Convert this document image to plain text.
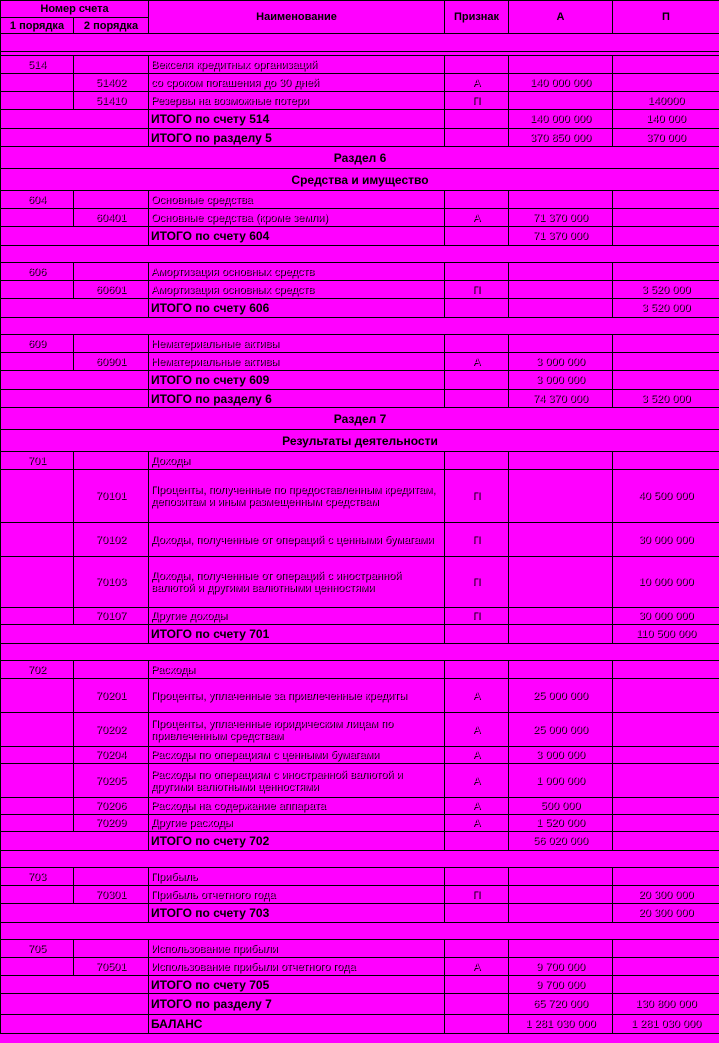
Номер счета		Наименование	Признак	А	П
1 порядка	2 порядка				

514		Векселя кредитных организаций			
	51402	со сроком погашения до 30 дней	А	140 000 000	
	51410	Резервы на возможные потери	П		140000
		ИТОГО по счету 514		140 000 000	140 000
		ИТОГО по разделу 5		370 850 000	370 000
Раздел 6					
Средства и имущество					
604		Основные средства			
	60401	Основные средства (кроме земли)	А	71 370 000	
		ИТОГО по счету 604		71 370 000	

606		Амортизация основных средств			
	60601	Амортизация основных средств	П		3 520 000
		ИТОГО по счету 606			3 520 000

609		Нематериальные активы			
	60901	Нематериальные активы	А	3 000 000	
		ИТОГО по счету 609		3 000 000	
		ИТОГО по разделу 6		74 370 000	3 520 000
Раздел 7					
Результаты деятельности					
701		Доходы			
	70101	Проценты, полученные по предоставленным кредитам, депозитам и иным размещенным средствам	П		40 500 000
	70102	Доходы, полученные от операций с ценными бумагами	П		30 000 000
	70103	Доходы, полученные от операций с иностранной валютой и другими валютными ценностями	П		10 000 000
	70107	Другие доходы	П		30 000 000
		ИТОГО по счету 701			110 500 000

702		Расходы			
	70201	Проценты, уплаченные за привлеченные кредиты	А	25 000 000	
	70202	Проценты, уплаченные юридическим лицам по привлеченным средствам	А	25 000 000	
	70204	Расходы по операциям с ценными бумагами	А	3 000 000	
	70205	Расходы по операциям с иностранной валютой и другими валютными ценностями	А	1 000 000	
	70206	Расходы на содержание аппарата	А	500 000	
	70209	Другие расходы	А	1 520 000	
		ИТОГО по счету 702		56 020 000	

703		Прибыль			
	70301	Прибыль отчетного года	П		20 300 000
		ИТОГО по счету 703			20 300 000

705		Использование прибыли			
	70501	Использование прибыли отчетного года	А	9 700 000	
		ИТОГО по счету 705		9 700 000	
		ИТОГО по разделу 7		65 720 000	130 800 000
		БАЛАНС		1 281 030 000	1 281 030 000
